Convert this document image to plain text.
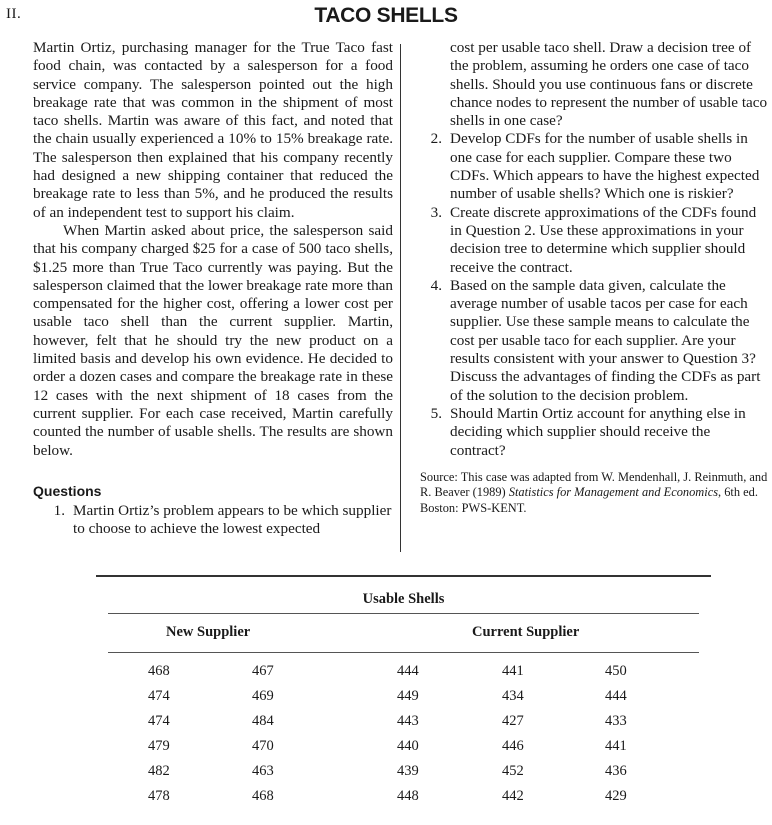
II.	TACO SHELLS

Martin Ortiz, purchasing manager for the True Taco fast food chain, was contacted by a salesperson for a food service company. The salesperson pointed out the high breakage rate that was common in the shipment of most taco shells. Martin was aware of this fact, and noted that the chain usually experienced a 10% to 15% breakage rate. The salesperson then explained that his company recently had designed a new shipping container that reduced the breakage rate to less than 5%, and he produced the results of an independent test to support his claim.

When Martin asked about price, the salesperson said that his company charged $25 for a case of 500 taco shells, $1.25 more than True Taco currently was paying. But the salesperson claimed that the lower breakage rate more than compensated for the higher cost, offering a lower cost per usable taco shell than the current supplier. Martin, however, felt that he should try the new product on a limited basis and develop his own evidence. He decided to order a dozen cases and compare the breakage rate in these 12 cases with the next shipment of 18 cases from the current supplier. For each case received, Martin carefully counted the number of usable shells. The results are shown below.

Questions
1. Martin Ortiz’s problem appears to be which supplier to choose to achieve the lowest expected
cost per usable taco shell. Draw a decision tree of the problem, assuming he orders one case of taco shells. Should you use continuous fans or discrete chance nodes to represent the number of usable taco shells in one case?
2. Develop CDFs for the number of usable shells in one case for each supplier. Compare these two CDFs. Which appears to have the highest expected number of usable shells? Which one is riskier?
3. Create discrete approximations of the CDFs found in Question 2. Use these approximations in your decision tree to determine which supplier should receive the contract.
4. Based on the sample data given, calculate the average number of usable tacos per case for each supplier. Use these sample means to calculate the cost per usable taco for each supplier. Are your results consistent with your answer to Question 3? Discuss the advantages of finding the CDFs as part of the solution to the decision problem.
5. Should Martin Ortiz account for anything else in deciding which supplier should receive the contract?

Source: This case was adapted from W. Mendenhall, J. Reinmuth, and R. Beaver (1989) Statistics for Management and Economics, 6th ed. Boston: PWS-KENT.

Usable Shells
New Supplier	Current Supplier
468	467	444	441	450
474	469	449	434	444
474	484	443	427	433
479	470	440	446	441
482	463	439	452	436
478	468	448	442	429
